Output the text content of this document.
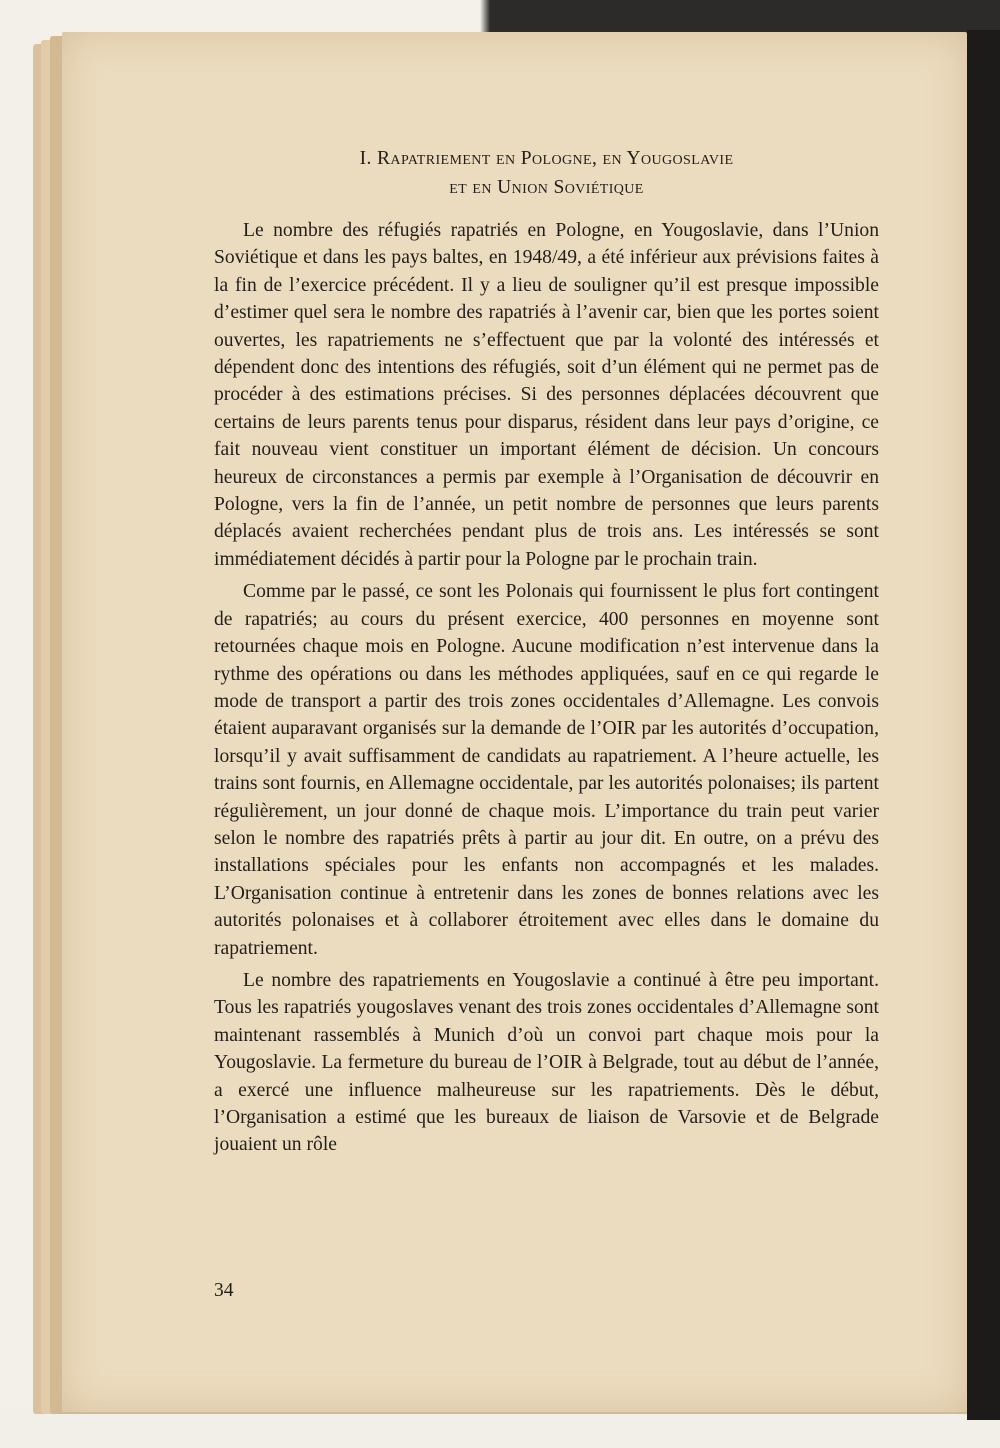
I. Rapatriement en Pologne, en Yougoslavie
et en Union Soviétique

Le nombre des réfugiés rapatriés en Pologne, en Yougoslavie, dans l’Union Soviétique et dans les pays baltes, en 1948/49, a été inférieur aux prévisions faites à la fin de l’exercice précédent. Il y a lieu de souligner qu’il est presque impossible d’estimer quel sera le nombre des rapatriés à l’avenir car, bien que les portes soient ouvertes, les rapatriements ne s’effectuent que par la volonté des intéressés et dépendent donc des intentions des réfugiés, soit d’un élément qui ne permet pas de procéder à des estimations précises. Si des personnes déplacées découvrent que certains de leurs parents tenus pour disparus, résident dans leur pays d’origine, ce fait nouveau vient constituer un important élément de décision. Un concours heureux de circonstances a permis par exemple à l’Organisation de découvrir en Pologne, vers la fin de l’année, un petit nombre de personnes que leurs parents déplacés avaient recherchées pendant plus de trois ans. Les intéressés se sont immédiatement décidés à partir pour la Pologne par le prochain train.

Comme par le passé, ce sont les Polonais qui fournissent le plus fort contingent de rapatriés; au cours du présent exercice, 400 personnes en moyenne sont retournées chaque mois en Pologne. Aucune modification n’est intervenue dans la rythme des opérations ou dans les méthodes appliquées, sauf en ce qui regarde le mode de transport a partir des trois zones occidentales d’Allemagne. Les convois étaient auparavant organisés sur la demande de l’OIR par les autorités d’occupation, lorsqu’il y avait suffisamment de candidats au rapatriement. A l’heure actuelle, les trains sont fournis, en Allemagne occidentale, par les autorités polonaises; ils partent régulièrement, un jour donné de chaque mois. L’importance du train peut varier selon le nombre des rapatriés prêts à partir au jour dit. En outre, on a prévu des installations spéciales pour les enfants non accompagnés et les malades. L’Organisation continue à entretenir dans les zones de bonnes relations avec les autorités polonaises et à collaborer étroitement avec elles dans le domaine du rapatriement.

Le nombre des rapatriements en Yougoslavie a continué à être peu important. Tous les rapatriés yougoslaves venant des trois zones occidentales d’Allemagne sont maintenant rassemblés à Munich d’où un convoi part chaque mois pour la Yougoslavie. La fermeture du bureau de l’OIR à Belgrade, tout au début de l’année, a exercé une influence malheureuse sur les rapatriements. Dès le début, l’Organisation a estimé que les bureaux de liaison de Varsovie et de Belgrade jouaient un rôle

34
